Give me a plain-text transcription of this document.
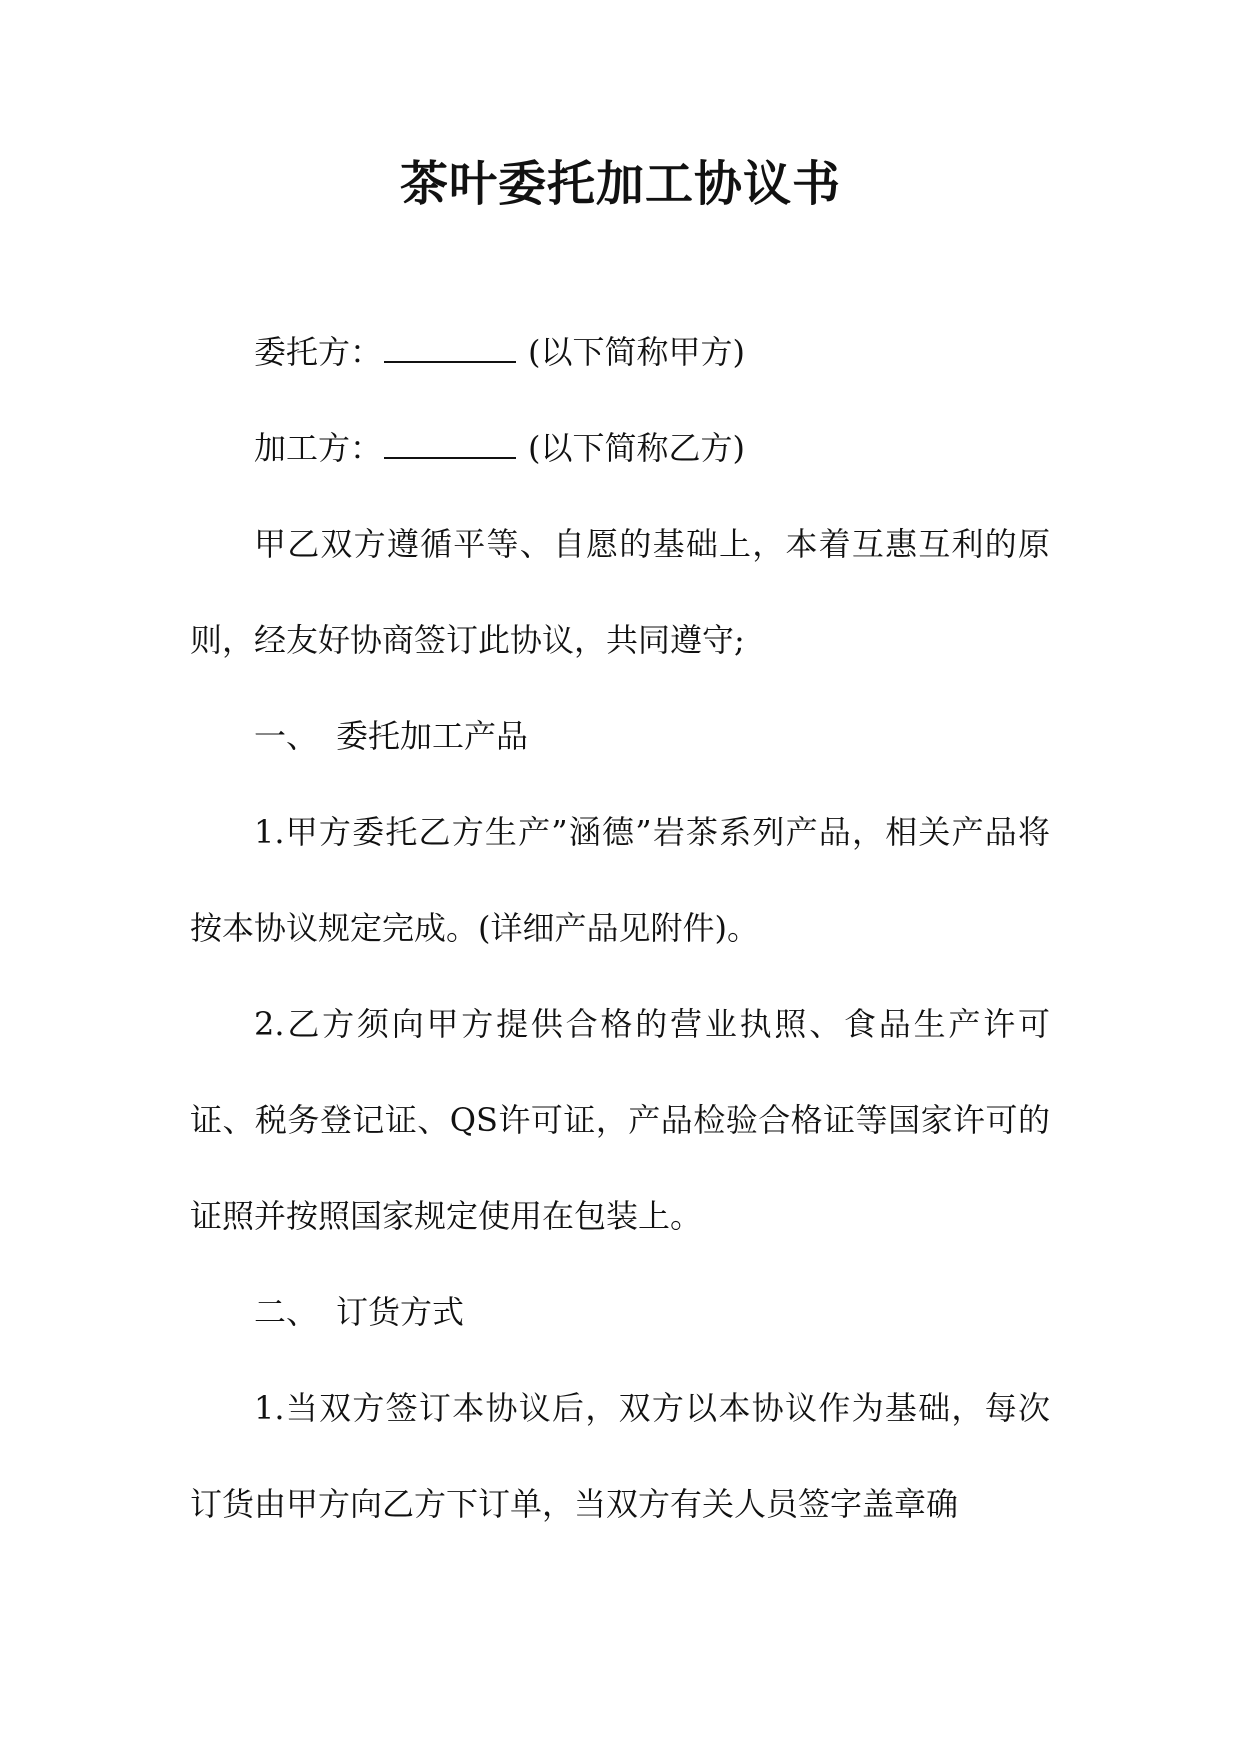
茶叶委托加工协议书

委托方：	(以下简称甲方)

加工方：	(以下简称乙方)

甲乙双方遵循平等、自愿的基础上，本着互惠互利的原则，经友好协商签订此协议，共同遵守;

一、 委托加工产品

1.甲方委托乙方生产”涵德”岩茶系列产品，相关产品将按本协议规定完成。(详细产品见附件)。

2.乙方须向甲方提供合格的营业执照、食品生产许可证、税务登记证、QS许可证，产品检验合格证等国家许可的证照并按照国家规定使用在包装上。

二、 订货方式

1.当双方签订本协议后，双方以本协议作为基础，每次订货由甲方向乙方下订单，当双方有关人员签字盖章确
